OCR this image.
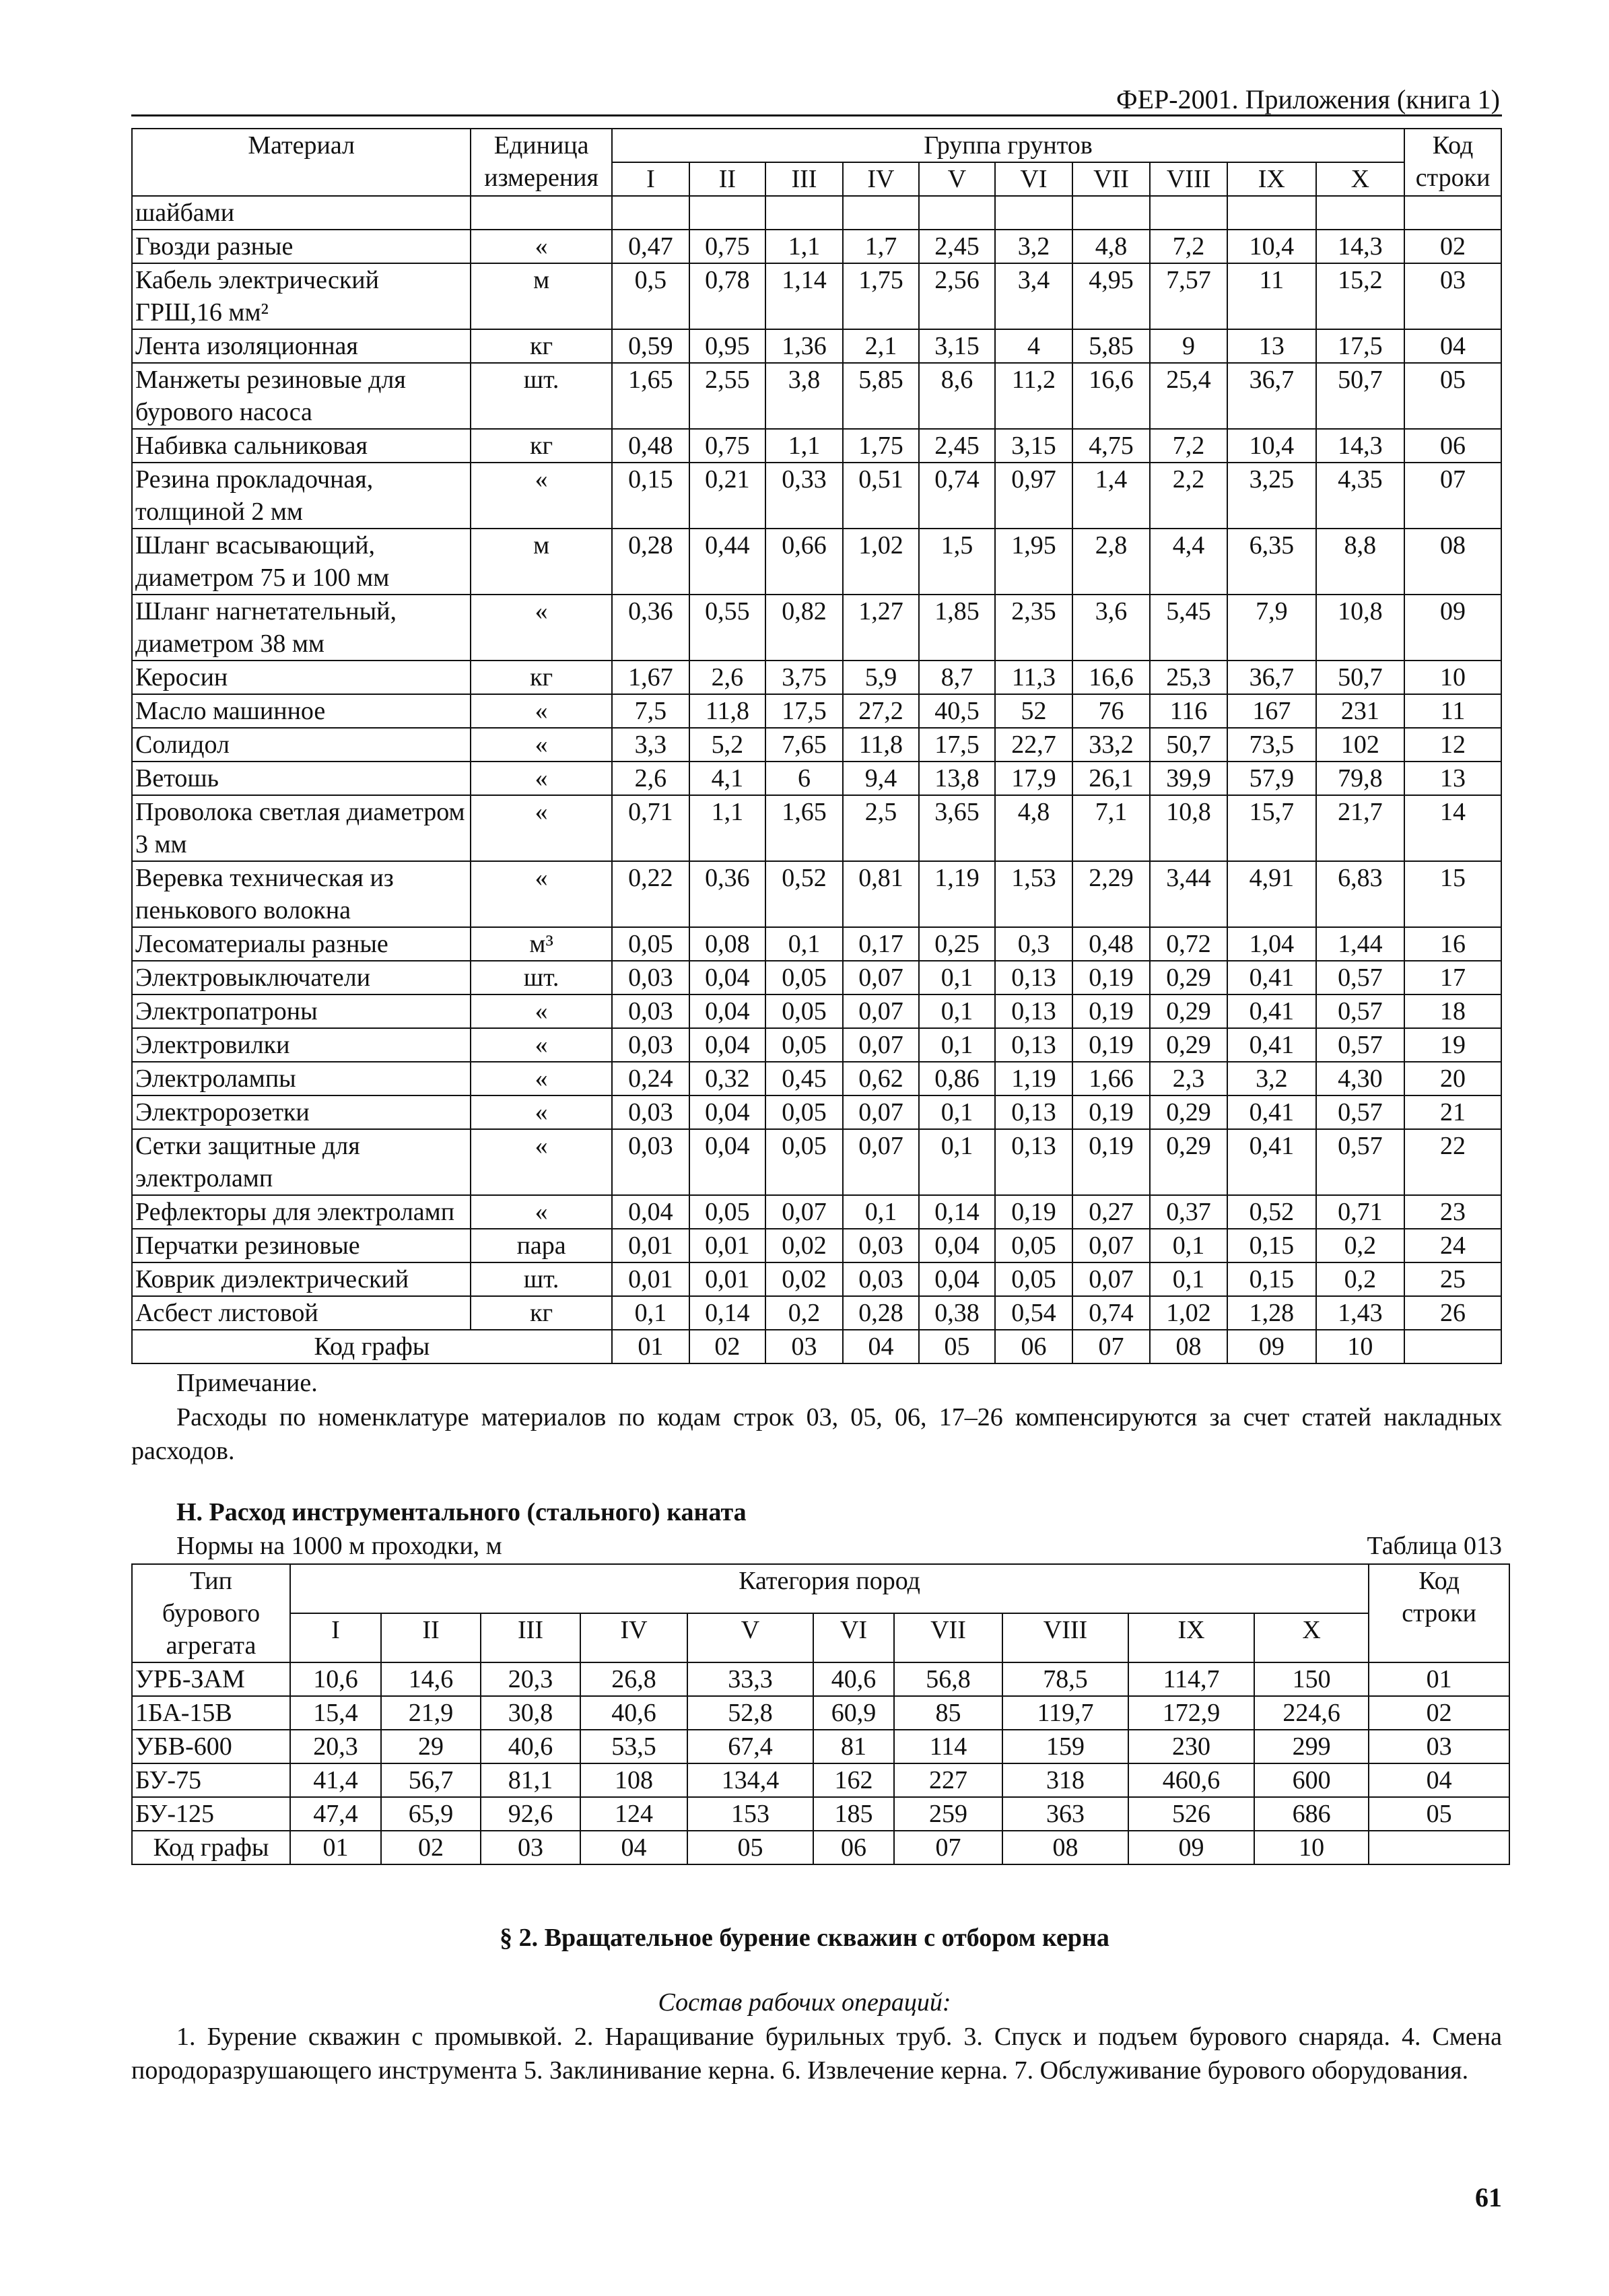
ФЕР-2001. Приложения (книга 1)
Материал	Единица
измерения	Группа грунтов										Код
строки
		I	II	III	IV	V	VI	VII	VIII	IX	X	
шайбами												
Гвозди разные	«	0,47	0,75	1,1	1,7	2,45	3,2	4,8	7,2	10,4	14,3	02
Кабель электрический ГРШ,16 мм²	м	0,5	0,78	1,14	1,75	2,56	3,4	4,95	7,57	11	15,2	03
Лента изоляционная	кг	0,59	0,95	1,36	2,1	3,15	4	5,85	9	13	17,5	04
Манжеты резиновые для бурового насоса	шт.	1,65	2,55	3,8	5,85	8,6	11,2	16,6	25,4	36,7	50,7	05
Набивка сальниковая	кг	0,48	0,75	1,1	1,75	2,45	3,15	4,75	7,2	10,4	14,3	06
Резина прокладочная, толщиной 2 мм	«	0,15	0,21	0,33	0,51	0,74	0,97	1,4	2,2	3,25	4,35	07
Шланг всасывающий, диаметром 75 и 100 мм	м	0,28	0,44	0,66	1,02	1,5	1,95	2,8	4,4	6,35	8,8	08
Шланг нагнетательный, диаметром 38 мм	«	0,36	0,55	0,82	1,27	1,85	2,35	3,6	5,45	7,9	10,8	09
Керосин	кг	1,67	2,6	3,75	5,9	8,7	11,3	16,6	25,3	36,7	50,7	10
Масло машинное	«	7,5	11,8	17,5	27,2	40,5	52	76	116	167	231	11
Солидол	«	3,3	5,2	7,65	11,8	17,5	22,7	33,2	50,7	73,5	102	12
Ветошь	«	2,6	4,1	6	9,4	13,8	17,9	26,1	39,9	57,9	79,8	13
Проволока светлая диаметром 3 мм	«	0,71	1,1	1,65	2,5	3,65	4,8	7,1	10,8	15,7	21,7	14
Веревка техническая из пенькового волокна	«	0,22	0,36	0,52	0,81	1,19	1,53	2,29	3,44	4,91	6,83	15
Лесоматериалы разные	м³	0,05	0,08	0,1	0,17	0,25	0,3	0,48	0,72	1,04	1,44	16
Электровыключатели	шт.	0,03	0,04	0,05	0,07	0,1	0,13	0,19	0,29	0,41	0,57	17
Электропатроны	«	0,03	0,04	0,05	0,07	0,1	0,13	0,19	0,29	0,41	0,57	18
Электровилки	«	0,03	0,04	0,05	0,07	0,1	0,13	0,19	0,29	0,41	0,57	19
Электролампы	«	0,24	0,32	0,45	0,62	0,86	1,19	1,66	2,3	3,2	4,30	20
Электророзетки	«	0,03	0,04	0,05	0,07	0,1	0,13	0,19	0,29	0,41	0,57	21
Сетки защитные для электроламп	«	0,03	0,04	0,05	0,07	0,1	0,13	0,19	0,29	0,41	0,57	22
Рефлекторы для электроламп	«	0,04	0,05	0,07	0,1	0,14	0,19	0,27	0,37	0,52	0,71	23
Перчатки резиновые	пара	0,01	0,01	0,02	0,03	0,04	0,05	0,07	0,1	0,15	0,2	24
Коврик диэлектрический	шт.	0,01	0,01	0,02	0,03	0,04	0,05	0,07	0,1	0,15	0,2	25
Асбест листовой	кг	0,1	0,14	0,2	0,28	0,38	0,54	0,74	1,02	1,28	1,43	26
Код графы		01	02	03	04	05	06	07	08	09	10	
Примечание.
Расходы по номенклатуре материалов по кодам строк 03, 05, 06, 17–26 компенсируются за счет статей накладных расходов.
Н. Расход инструментального (стального) каната
Нормы на 1000 м проходки, м	Таблица 013
Тип
бурового
агрегата	Категория пород										Код
строки
	I	II	III	IV	V	VI	VII	VIII	IX	X	
УРБ-ЗАМ	10,6	14,6	20,3	26,8	33,3	40,6	56,8	78,5	114,7	150	01
1БА-15В	15,4	21,9	30,8	40,6	52,8	60,9	85	119,7	172,9	224,6	02
УБВ-600	20,3	29	40,6	53,5	67,4	81	114	159	230	299	03
БУ-75	41,4	56,7	81,1	108	134,4	162	227	318	460,6	600	04
БУ-125	47,4	65,9	92,6	124	153	185	259	363	526	686	05
Код графы	01	02	03	04	05	06	07	08	09	10	
§ 2. Вращательное бурение скважин с отбором керна
Состав рабочих операций:
1. Бурение скважин с промывкой. 2. Наращивание бурильных труб. 3. Спуск и подъем бурового снаряда. 4. Смена породоразрушающего инструмента 5. Заклинивание керна. 6. Извлечение керна. 7. Обслуживание бурового оборудования.
61
